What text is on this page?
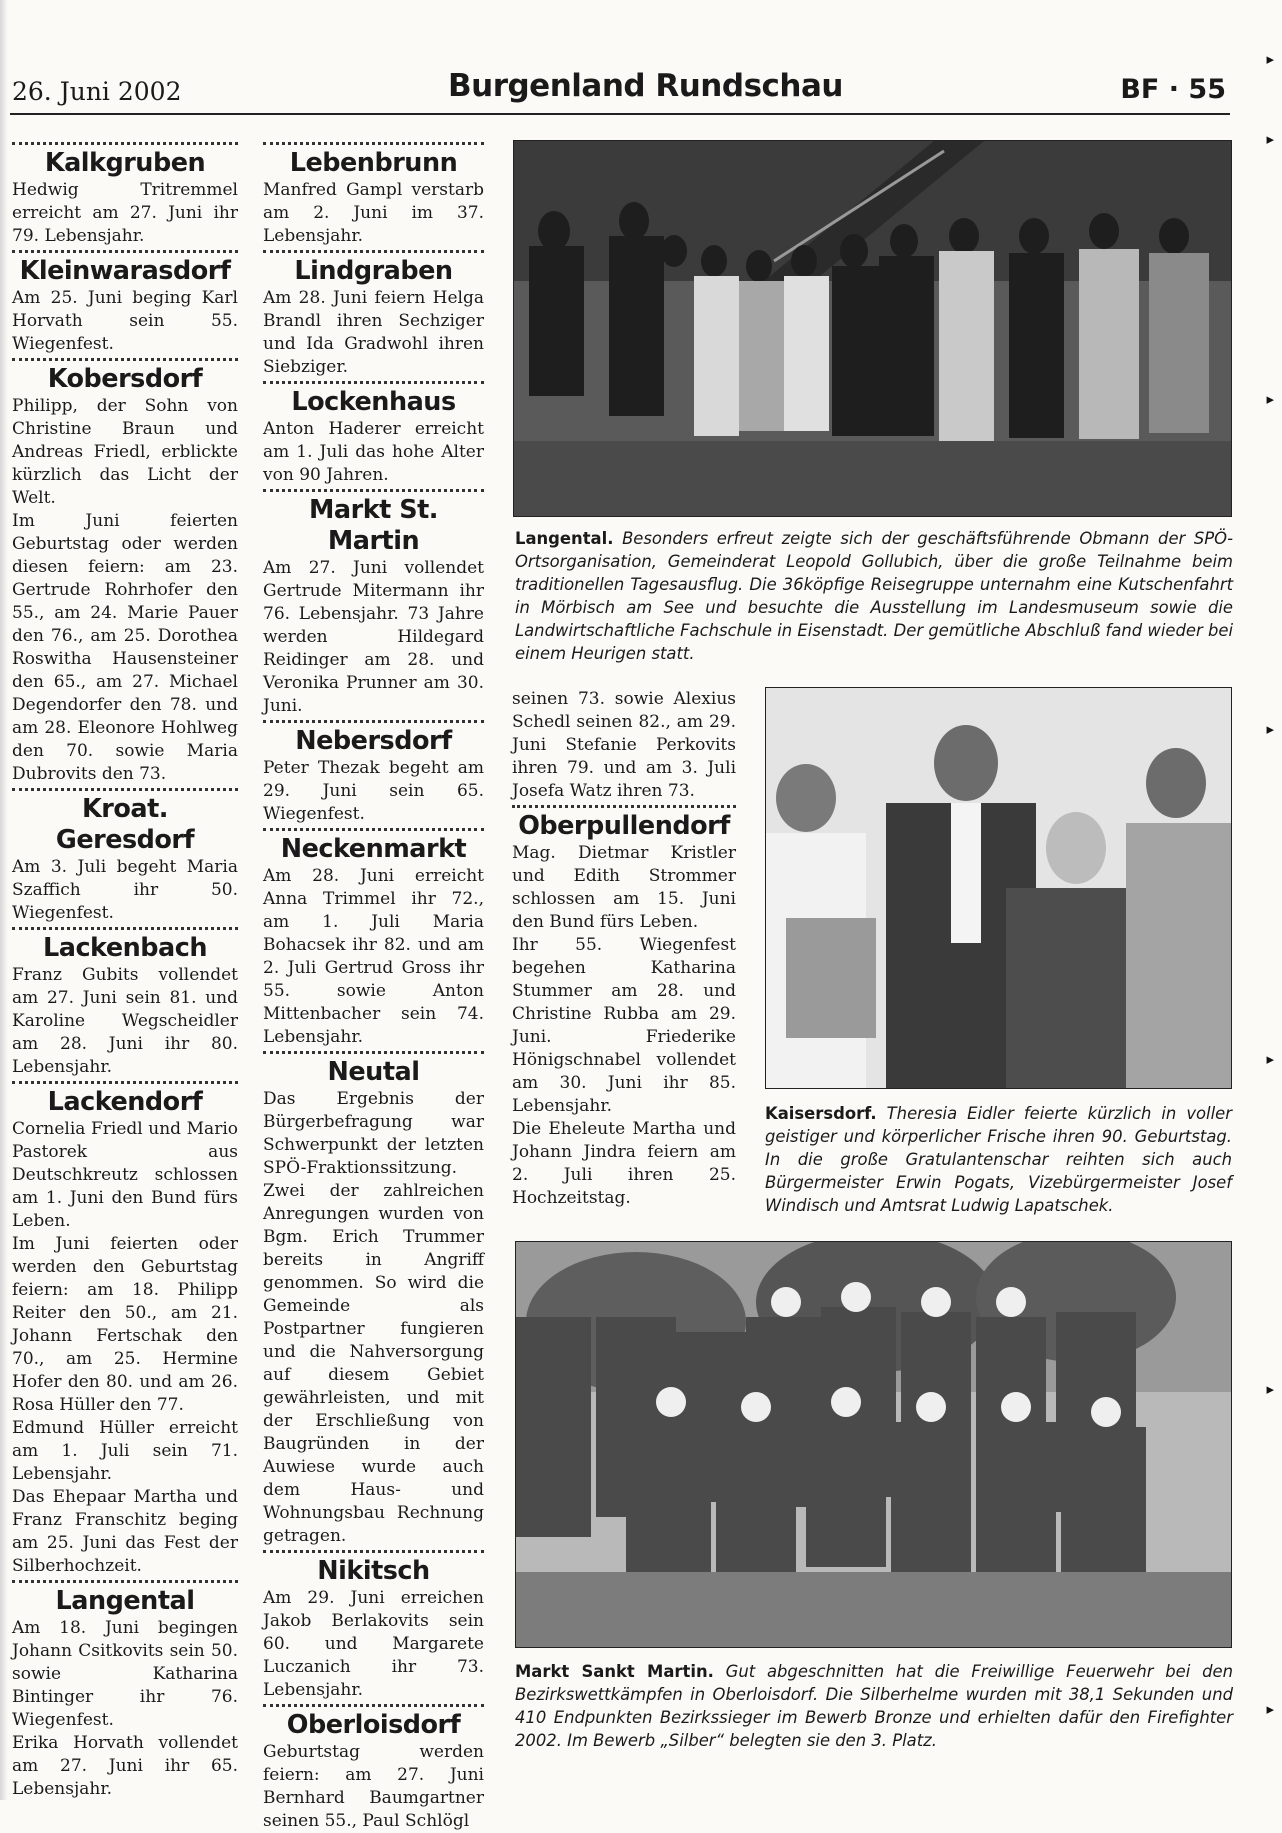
26. Juni 2002	Burgenland Rundschau	BF · 55
Kalkgruben

Hedwig Tritremmel erreicht am 27. Juni ihr 79. Lebensjahr.

Kleinwarasdorf

Am 25. Juni beging Karl Horvath sein 55. Wiegenfest.

Kobersdorf

Philipp, der Sohn von Christine Braun und Andreas Friedl, erblickte kürzlich das Licht der Welt.

Im Juni feierten Geburtstag oder werden diesen feiern: am 23. Gertrude Rohrhofer den 55., am 24. Marie Pauer den 76., am 25. Dorothea Roswitha Hausensteiner den 65., am 27. Michael Degendorfer den 78. und am 28. Eleonore Hohlweg den 70. sowie Maria Dubrovits den 73.

Kroat. Geresdorf

Am 3. Juli begeht Maria Szaffich ihr 50. Wiegenfest.

Lackenbach

Franz Gubits vollendet am 27. Juni sein 81. und Karoline Wegscheidler am 28. Juni ihr 80. Lebensjahr.

Lackendorf

Cornelia Friedl und Mario Pastorek aus Deutschkreutz schlossen am 1. Juni den Bund fürs Leben.

Im Juni feierten oder werden den Geburtstag feiern: am 18. Philipp Reiter den 50., am 21. Johann Fertschak den 70., am 25. Hermine Hofer den 80. und am 26. Rosa Hüller den 77.

Edmund Hüller erreicht am 1. Juli sein 71. Lebensjahr.

Das Ehepaar Martha und Franz Franschitz beging am 25. Juni das Fest der Silberhochzeit.

Langental

Am 18. Juni begingen Johann Csitkovits sein 50. sowie Katharina Bintinger ihr 76. Wiegenfest.

Erika Horvath vollendet am 27. Juni ihr 65. Lebensjahr.

Lebenbrunn

Manfred Gampl verstarb am 2. Juni im 37. Lebensjahr.

Lindgraben

Am 28. Juni feiern Helga Brandl ihren Sechziger und Ida Gradwohl ihren Siebziger.

Lockenhaus

Anton Haderer erreicht am 1. Juli das hohe Alter von 90 Jahren.

Markt St. Martin

Am 27. Juni vollendet Gertrude Mitermann ihr 76. Lebensjahr. 73 Jahre werden Hildegard Reidinger am 28. und Veronika Prunner am 30. Juni.

Nebersdorf

Peter Thezak begeht am 29. Juni sein 65. Wiegenfest.

Neckenmarkt

Am 28. Juni erreicht Anna Trimmel ihr 72., am 1. Juli Maria Bohacsek ihr 82. und am 2. Juli Gertrud Gross ihr 55. sowie Anton Mittenbacher sein 74. Lebensjahr.

Neutal

Das Ergebnis der Bürgerbefragung war Schwerpunkt der letzten SPÖ-Fraktionssitzung. Zwei der zahlreichen Anregungen wurden von Bgm. Erich Trummer bereits in Angriff genommen. So wird die Gemeinde als Postpartner fungieren und die Nahversorgung auf diesem Gebiet gewährleisten, und mit der Erschließung von Baugründen in der Auwiese wurde auch dem Haus- und Wohnungsbau Rechnung getragen.

Nikitsch

Am 29. Juni erreichen Jakob Berlakovits sein 60. und Margarete Luczanich ihr 73. Lebensjahr.

Oberloisdorf

Geburtstag werden feiern: am 27. Juni Bernhard Baumgartner seinen 55., Paul Schlögl

seinen 73. sowie Alexius Schedl seinen 82., am 29. Juni Stefanie Perkovits ihren 79. und am 3. Juli Josefa Watz ihren 73.

Oberpullendorf

Mag. Dietmar Kristler und Edith Strommer schlossen am 15. Juni den Bund fürs Leben.

Ihr 55. Wiegenfest begehen Katharina Stummer am 28. und Christine Rubba am 29. Juni. Friederike Hönigschnabel vollendet am 30. Juni ihr 85. Lebensjahr.

Die Eheleute Martha und Johann Jindra feiern am 2. Juli ihren 25. Hochzeitstag.

Langental. Besonders erfreut zeigte sich der geschäftsführende Obmann der SPÖ-Ortsorganisation, Gemeinderat Leopold Gollubich, über die große Teilnahme beim traditionellen Tagesausflug. Die 36köpfige Reisegruppe unternahm eine Kutschenfahrt in Mörbisch am See und besuchte die Ausstellung im Landesmuseum sowie die Landwirtschaftliche Fachschule in Eisenstadt. Der gemütliche Abschluß fand wieder bei einem Heurigen statt.

Kaisersdorf. Theresia Eidler feierte kürzlich in voller geistiger und körperlicher Frische ihren 90. Geburtstag. In die große Gratulantenschar reihten sich auch Bürgermeister Erwin Pogats, Vizebürgermeister Josef Windisch und Amtsrat Ludwig Lapatschek.

Markt Sankt Martin. Gut abgeschnitten hat die Freiwillige Feuerwehr bei den Bezirkswettkämpfen in Oberloisdorf. Die Silberhelme wurden mit 38,1 Sekunden und 410 Endpunkten Bezirkssieger im Bewerb Bronze und erhielten dafür den Firefighter 2002. Im Bewerb „Silber“ belegten sie den 3. Platz.

▸
▸
▸
▸
▸
▸
▸
